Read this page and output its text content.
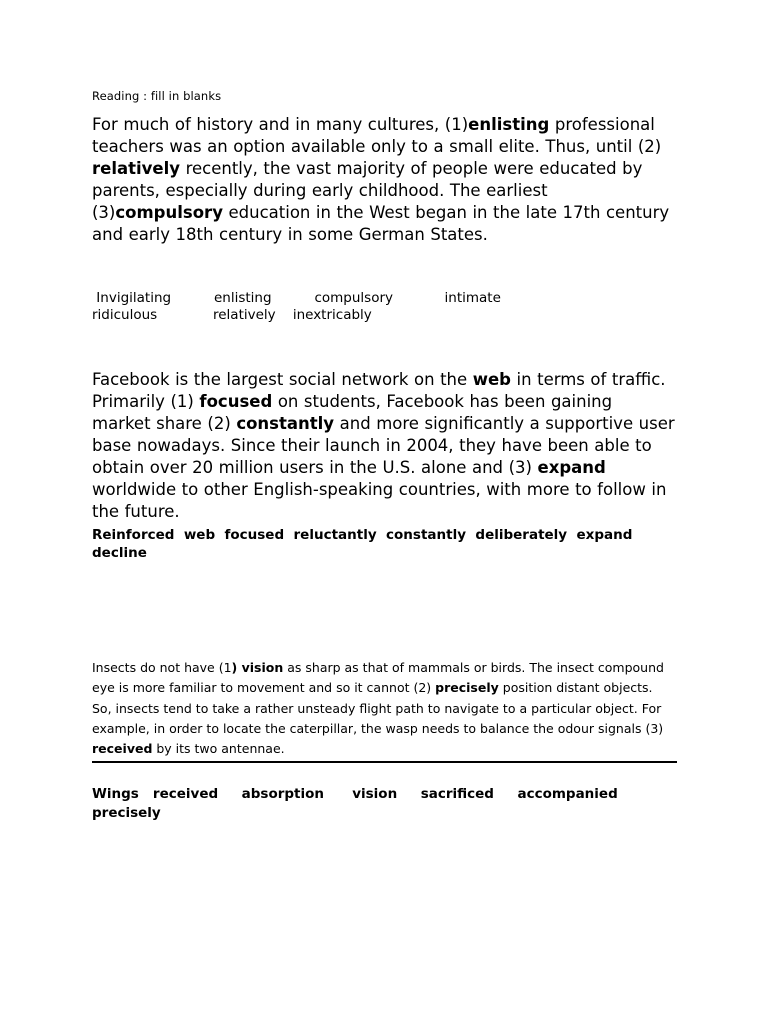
Reading : fill in blanks

For much of history and in many cultures, (1)enlisting professional teachers was an option available only to a small elite. Thus, until (2) relatively recently, the vast majority of people were educated by parents, especially during early childhood. The earliest (3)compulsory education in the West began in the late 17th century and early 18th century in some German States.

Invigilating          enlisting          compulsory            intimate
ridiculous             relatively    inextricably

Facebook is the largest social network on the web in terms of traffic. Primarily (1) focused on students, Facebook has been gaining market share (2) constantly and more significantly a supportive user base nowadays. Since their launch in 2004, they have been able to obtain over 20 million users in the U.S. alone and (3) expand worldwide to other English-speaking countries, with more to follow in the future.

Reinforced  web  focused  reluctantly  constantly  deliberately  expand decline

Insects do not have (1) vision as sharp as that of mammals or birds. The insect compound eye is more familiar to movement and so it cannot (2) precisely position distant objects. So, insects tend to take a rather unsteady flight path to navigate to a particular object. For example, in order to locate the caterpillar, the wasp needs to balance the odour signals (3) received by its two antennae.

Wings   received     absorption      vision     sacrificed     accompanied precisely
